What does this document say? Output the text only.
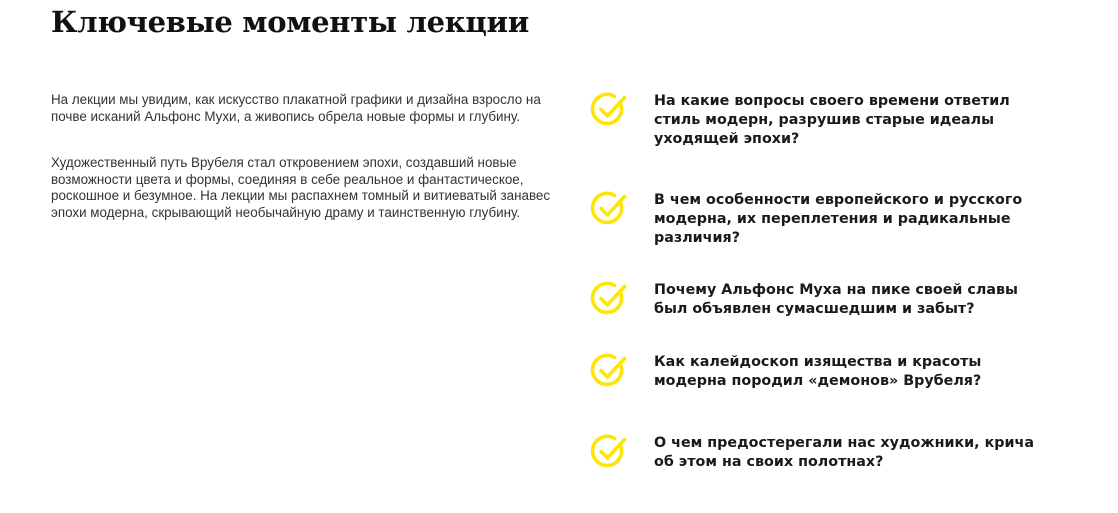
Ключевые моменты лекции

На лекции мы увидим, как искусство плакатной графики и дизайна взросло на почве исканий Альфонс Мухи, а живопись обрела новые формы и глубину.

Художественный путь Врубеля стал откровением эпохи, создавший новые возможности цвета и формы, соединяя в себе реальное и фантастическое, роскошное и безумное. На лекции мы распахнем томный и витиеватый занавес эпохи модерна, скрывающий необычайную драму и таинственную глубину.

На какие вопросы своего времени ответил стиль модерн, разрушив старые идеалы уходящей эпохи?
В чем особенности европейского и русского модерна, их переплетения и радикальные различия?
Почему Альфонс Муха на пике своей славы был объявлен сумасшедшим и забыт?
Как калейдоскоп изящества и красоты модерна породил «демонов» Врубеля?
О чем предостерегали нас художники, крича об этом на своих полотнах?
